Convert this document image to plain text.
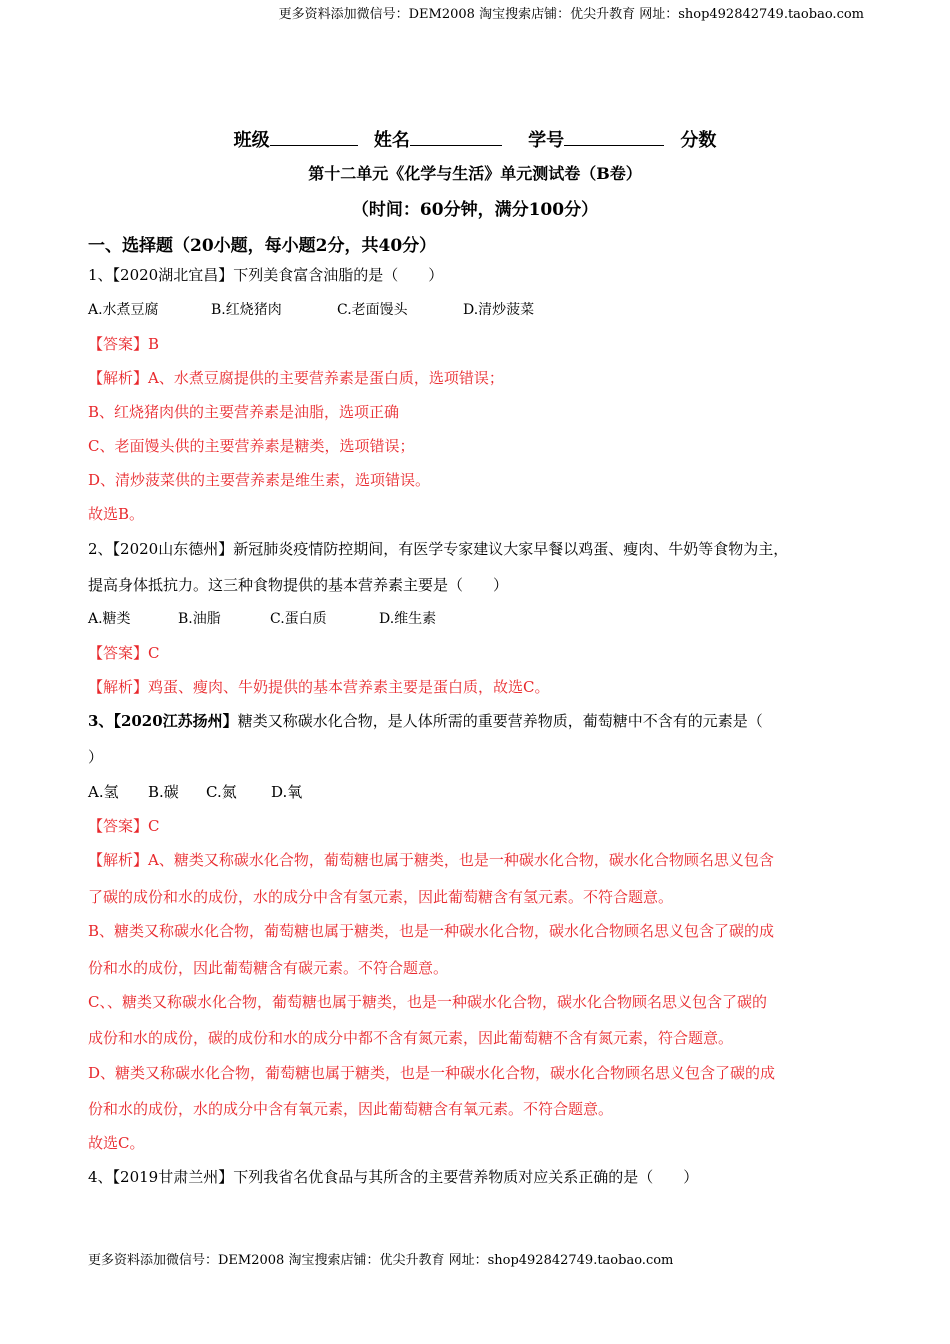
更多资料添加微信号：DEM2008 淘宝搜索店铺：优尖升教育 网址：shop492842749.taobao.com
班级	姓名	学号	分数
第十二单元《化学与生活》单元测试卷（B卷）
（时间：60分钟，满分100分）
一、选择题（20小题，每小题2分，共40分）
1、【2020湖北宜昌】下列美食富含油脂的是（　　）
A.水煮豆腐	B.红烧猪肉	C.老面馒头	D.清炒菠菜
【答案】B
【解析】A、水煮豆腐提供的主要营养素是蛋白质，选项错误；
B、红烧猪肉供的主要营养素是油脂，选项正确
C、老面馒头供的主要营养素是糖类，选项错误；
D、清炒菠菜供的主要营养素是维生素，选项错误。
故选B。
2、【2020山东德州】新冠肺炎疫情防控期间，有医学专家建议大家早餐以鸡蛋、瘦肉、牛奶等食物为主，
提高身体抵抗力。这三种食物提供的基本营养素主要是（　　）
A.糖类	B.油脂	C.蛋白质	D.维生素
【答案】C
【解析】鸡蛋、瘦肉、牛奶提供的基本营养素主要是蛋白质，故选C。
3、【2020江苏扬州】糖类又称碳水化合物，是人体所需的重要营养物质，葡萄糖中不含有的元素是（
）
A.氢 B.碳 C.氮 D.氧
【答案】C
【解析】A、糖类又称碳水化合物，葡萄糖也属于糖类，也是一种碳水化合物，碳水化合物顾名思义包含
了碳的成份和水的成份，水的成分中含有氢元素，因此葡萄糖含有氢元素。不符合题意。
B、糖类又称碳水化合物，葡萄糖也属于糖类，也是一种碳水化合物，碳水化合物顾名思义包含了碳的成
份和水的成份，因此葡萄糖含有碳元素。不符合题意。
C、、糖类又称碳水化合物，葡萄糖也属于糖类，也是一种碳水化合物，碳水化合物顾名思义包含了碳的
成份和水的成份，碳的成份和水的成分中都不含有氮元素，因此葡萄糖不含有氮元素，符合题意。
D、糖类又称碳水化合物，葡萄糖也属于糖类，也是一种碳水化合物，碳水化合物顾名思义包含了碳的成
份和水的成份，水的成分中含有氧元素，因此葡萄糖含有氧元素。不符合题意。
故选C。
4、【2019甘肃兰州】下列我省名优食品与其所含的主要营养物质对应关系正确的是（　　）
更多资料添加微信号：DEM2008 淘宝搜索店铺：优尖升教育 网址：shop492842749.taobao.com
